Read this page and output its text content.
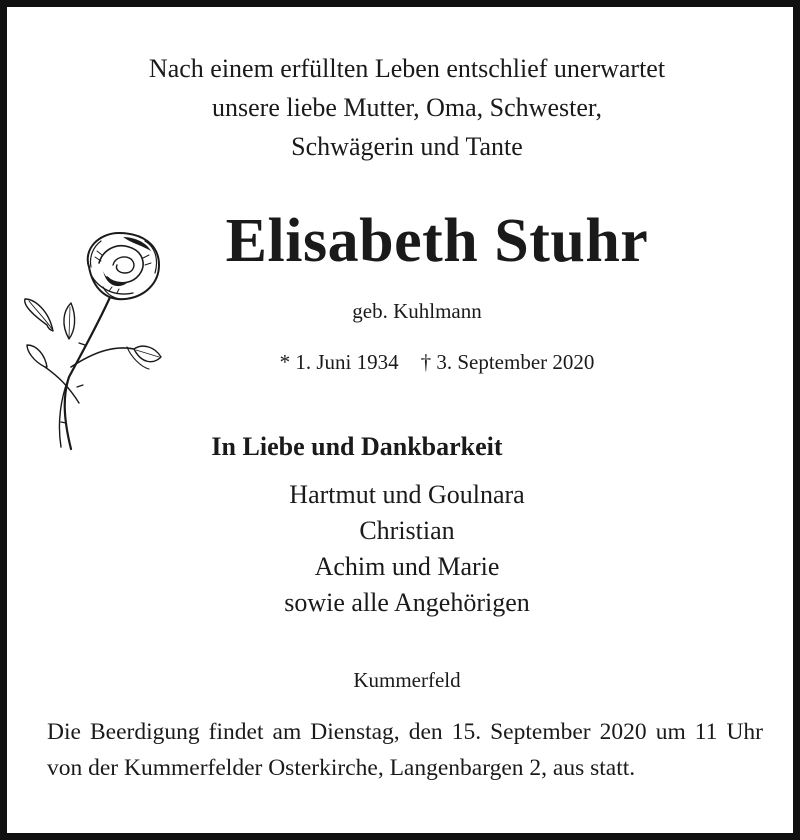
Nach einem erfüllten Leben entschlief unerwartet
unsere liebe Mutter, Oma, Schwester,
Schwägerin und Tante
Elisabeth Stuhr
geb. Kuhlmann
* 1. Juni 1934 † 3. September 2020
In Liebe und Dankbarkeit
Hartmut und Goulnara
Christian
Achim und Marie
sowie alle Angehörigen
Kummerfeld
Die Beerdigung findet am Dienstag, den 15. September 2020 um 11 Uhr von der Kummerfelder Osterkirche, Langenbargen 2, aus statt.
